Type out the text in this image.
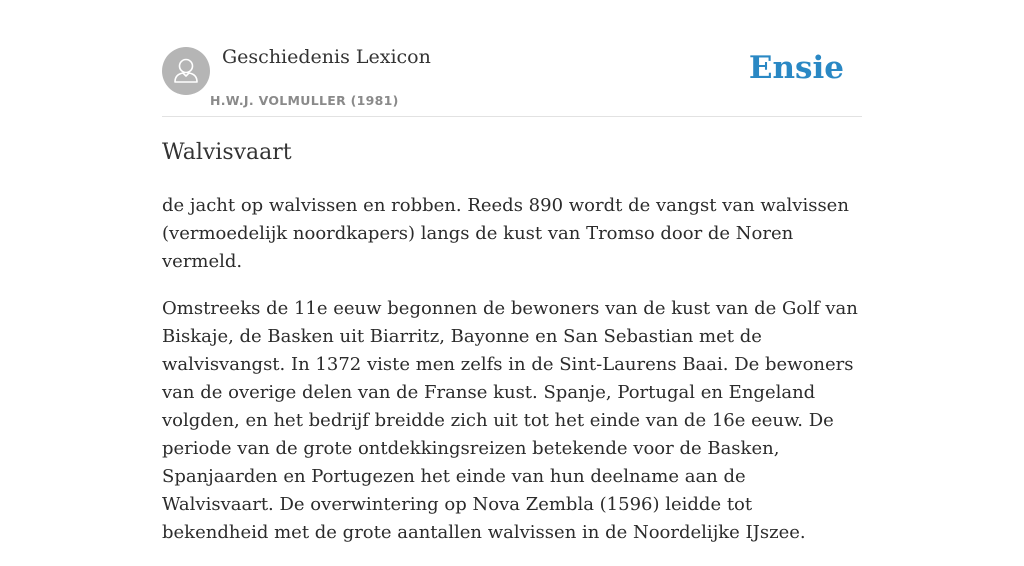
Geschiedenis Lexicon
H.W.J. VOLMULLER (1981)
Ensie
Walvisvaart

de jacht op walvissen en robben. Reeds 890 wordt de vangst van walvissen (vermoedelijk noordkapers) langs de kust van Tromso door de Noren vermeld.

Omstreeks de 11e eeuw begonnen de bewoners van de kust van de Golf van Biskaje, de Basken uit Biarritz, Bayonne en San Sebastian met de walvisvangst. In 1372 viste men zelfs in de Sint-Laurens Baai. De bewoners van de overige delen van de Franse kust. Spanje, Portugal en Engeland volgden, en het bedrijf breidde zich uit tot het einde van de 16e eeuw. De periode van de grote ontdekkingsreizen betekende voor de Basken, Spanjaarden en Portugezen het einde van hun deelname aan de Walvisvaart. De overwintering op Nova Zembla (1596) leidde tot bekendheid met de grote aantallen walvissen in de Noordelijke IJszee.
